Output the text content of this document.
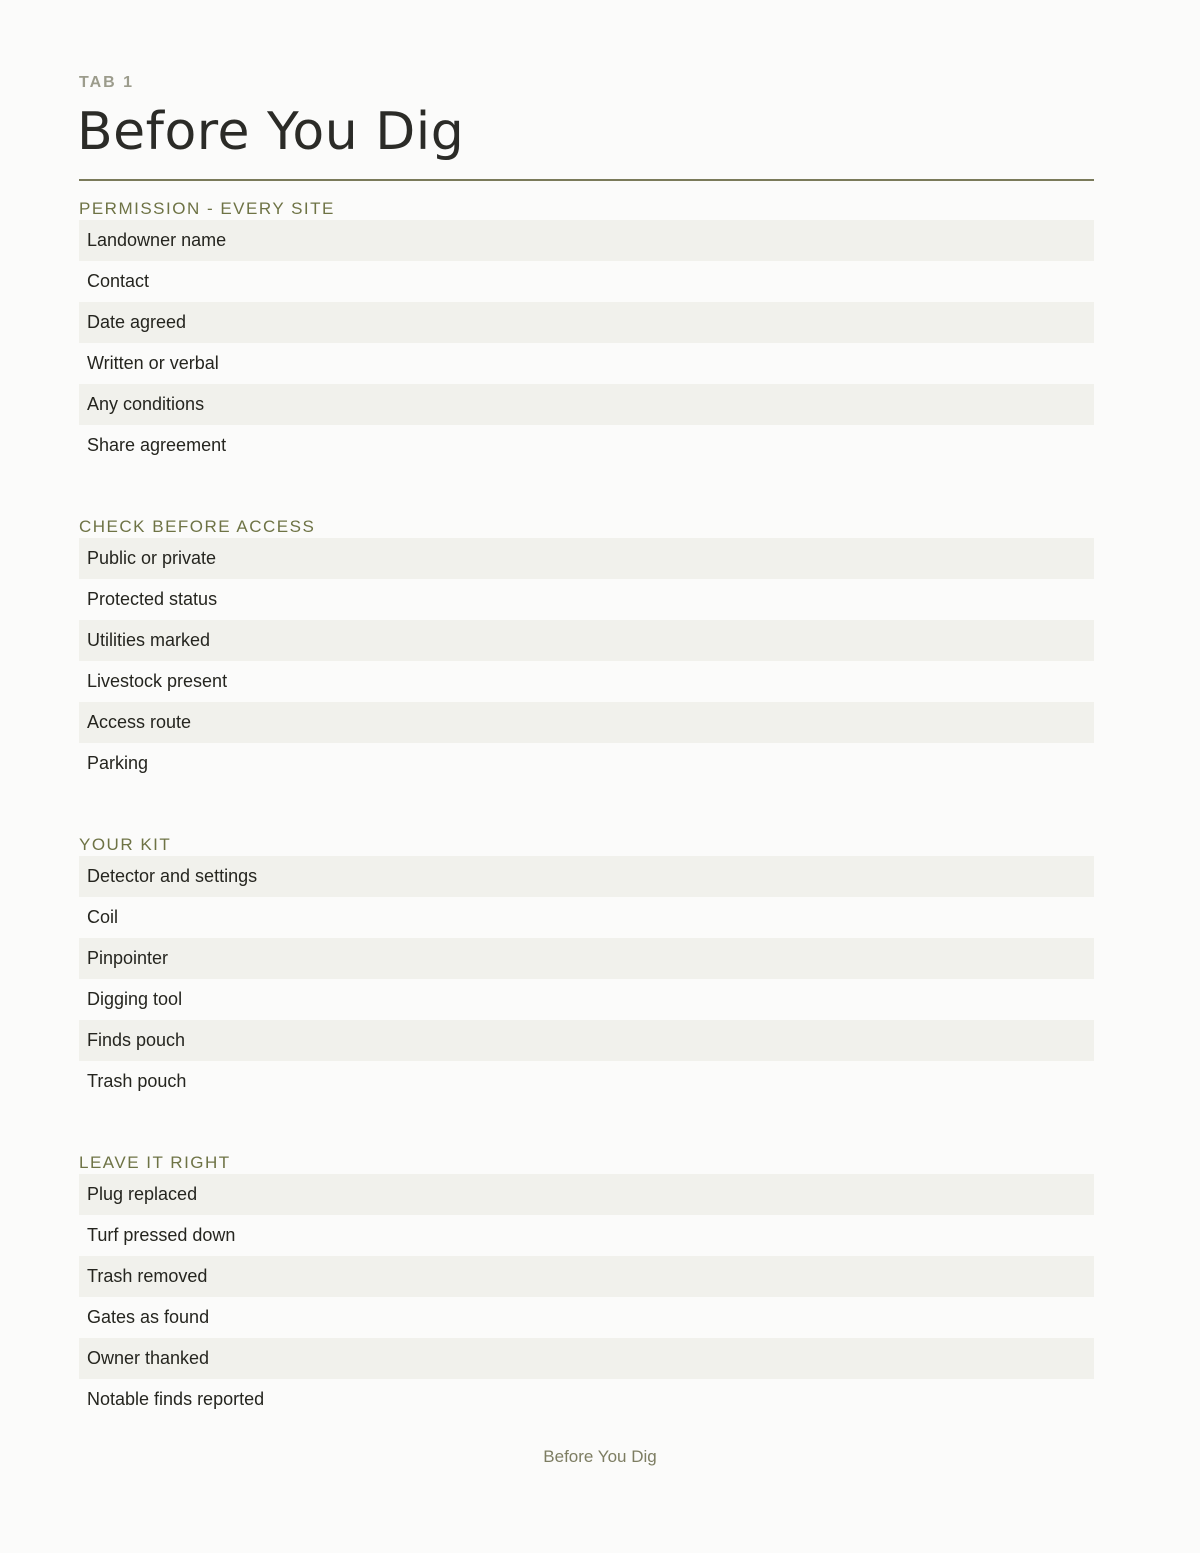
TAB 1
Before You Dig
PERMISSION - EVERY SITE
Landowner name
Contact
Date agreed
Written or verbal
Any conditions
Share agreement
CHECK BEFORE ACCESS
Public or private
Protected status
Utilities marked
Livestock present
Access route
Parking
YOUR KIT
Detector and settings
Coil
Pinpointer
Digging tool
Finds pouch
Trash pouch
LEAVE IT RIGHT
Plug replaced
Turf pressed down
Trash removed
Gates as found
Owner thanked
Notable finds reported
Before You Dig
